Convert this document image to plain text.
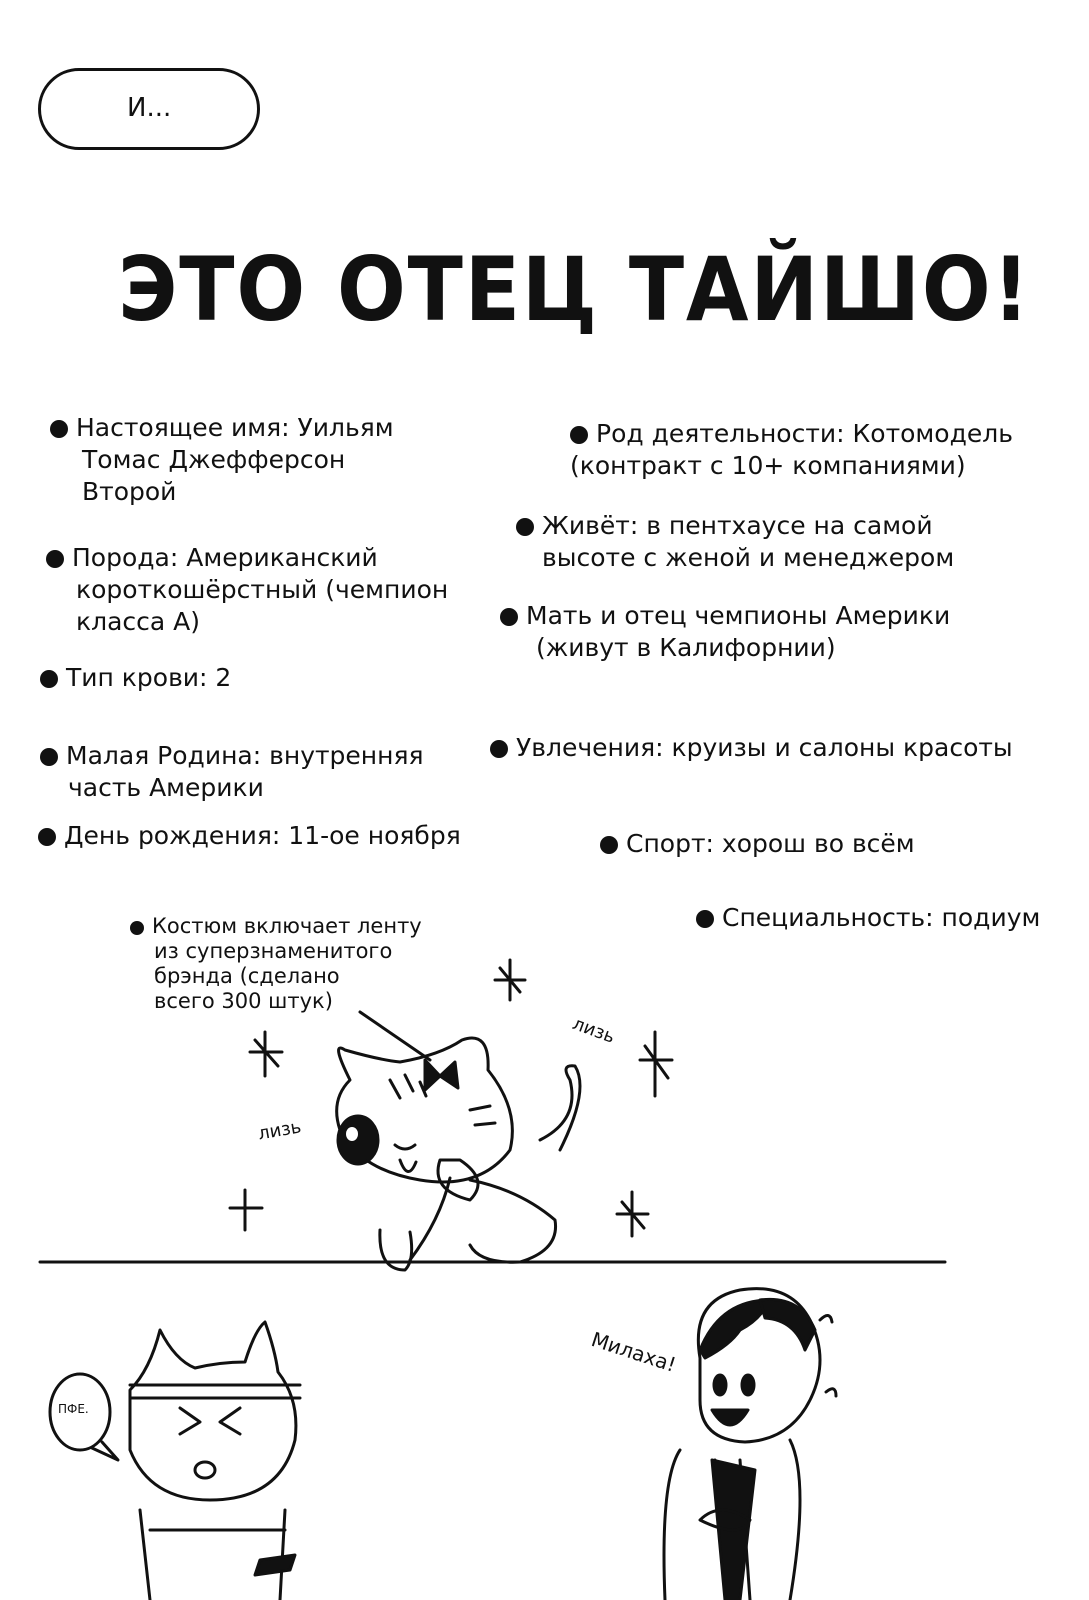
И...
ЭТО ОТЕЦ ТАЙШО!
Настоящее имя: Уильям
Томас Джефферсон
Второй
Порода: Американский
короткошёрстный (чемпион
класса А)
Тип крови: 2
Малая Родина: внутренняя
часть Америки
День рождения: 11-ое ноября
Род деятельности: Котомодель
(контракт с 10+ компаниями)
Живёт: в пентхаусе на самой
высоте с женой и менеджером
Мать и отец чемпионы Америки
(живут в Калифорнии)
Увлечения: круизы и салоны красоты
Спорт: хорош во всём
Специальность: подиум
Костюм включает ленту
из суперзнаменитого
брэнда (сделано
всего 300 штук)
лизь
лизь
Милаха!
ПФЕ.
